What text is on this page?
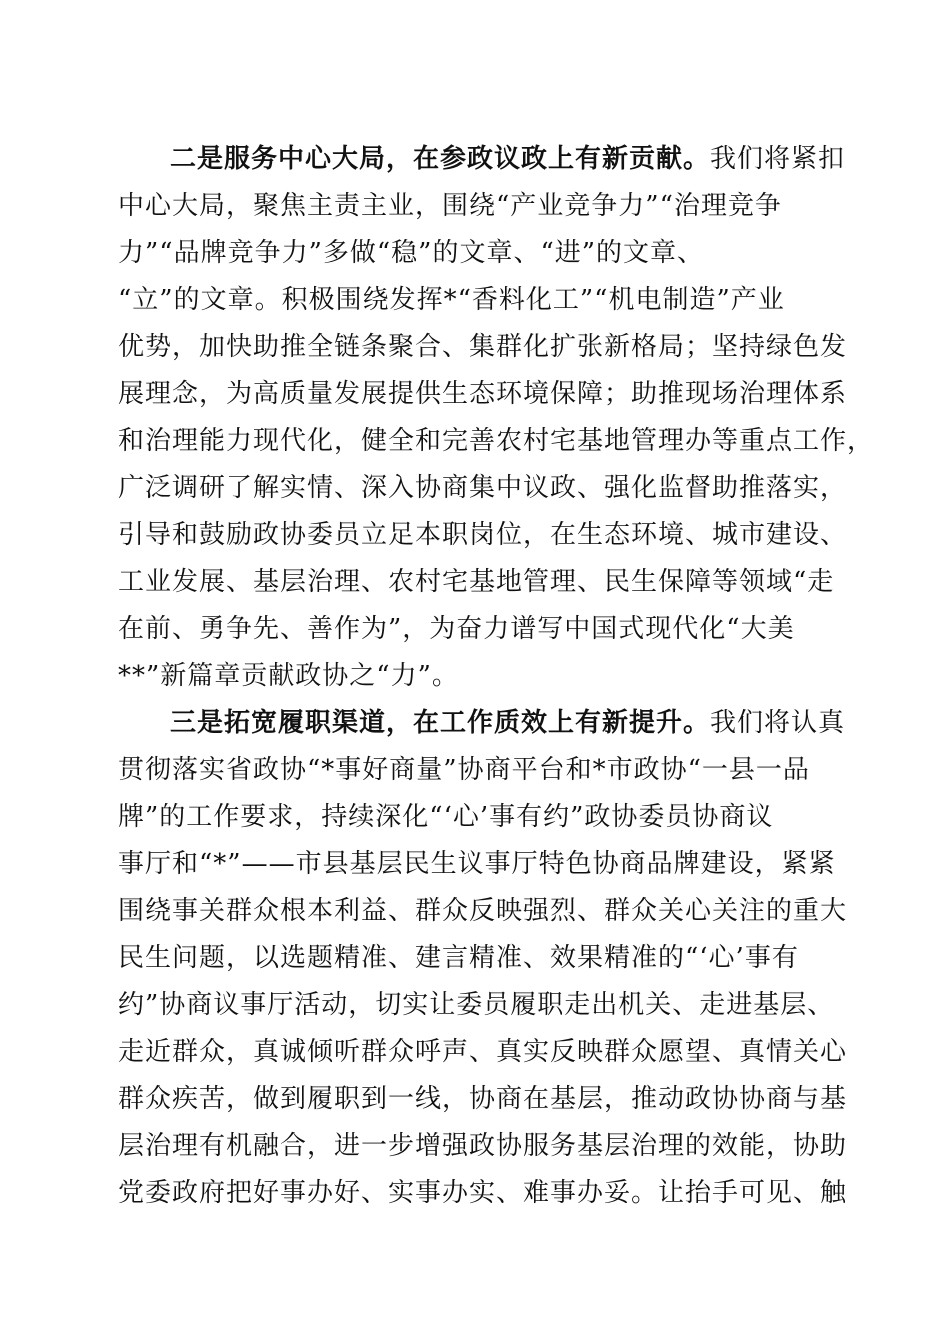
二是服务中心大局，在参政议政上有新贡献。我们将紧扣
中心大局，聚焦主责主业，围绕“产业竞争力”“治理竞争
力”“品牌竞争力”多做“稳”的文章、“进”的文章、
“立”的文章。积极围绕发挥*“香料化工”“机电制造”产业
优势，加快助推全链条聚合、集群化扩张新格局；坚持绿色发
展理念，为高质量发展提供生态环境保障；助推现场治理体系
和治理能力现代化，健全和完善农村宅基地管理办等重点工作，
广泛调研了解实情、深入协商集中议政、强化监督助推落实，
引导和鼓励政协委员立足本职岗位，在生态环境、城市建设、
工业发展、基层治理、农村宅基地管理、民生保障等领域“走
在前、勇争先、善作为”，为奋力谱写中国式现代化“大美
**”新篇章贡献政协之“力”。
三是拓宽履职渠道，在工作质效上有新提升。我们将认真
贯彻落实省政协“*事好商量”协商平台和*市政协“一县一品
牌”的工作要求，持续深化“‘心’事有约”政协委员协商议
事厅和“*”——市县基层民生议事厅特色协商品牌建设，紧紧
围绕事关群众根本利益、群众反映强烈、群众关心关注的重大
民生问题，以选题精准、建言精准、效果精准的“‘心’事有
约”协商议事厅活动，切实让委员履职走出机关、走进基层、
走近群众，真诚倾听群众呼声、真实反映群众愿望、真情关心
群众疾苦，做到履职到一线，协商在基层，推动政协协商与基
层治理有机融合，进一步增强政协服务基层治理的效能，协助
党委政府把好事办好、实事办实、难事办妥。让抬手可见、触
